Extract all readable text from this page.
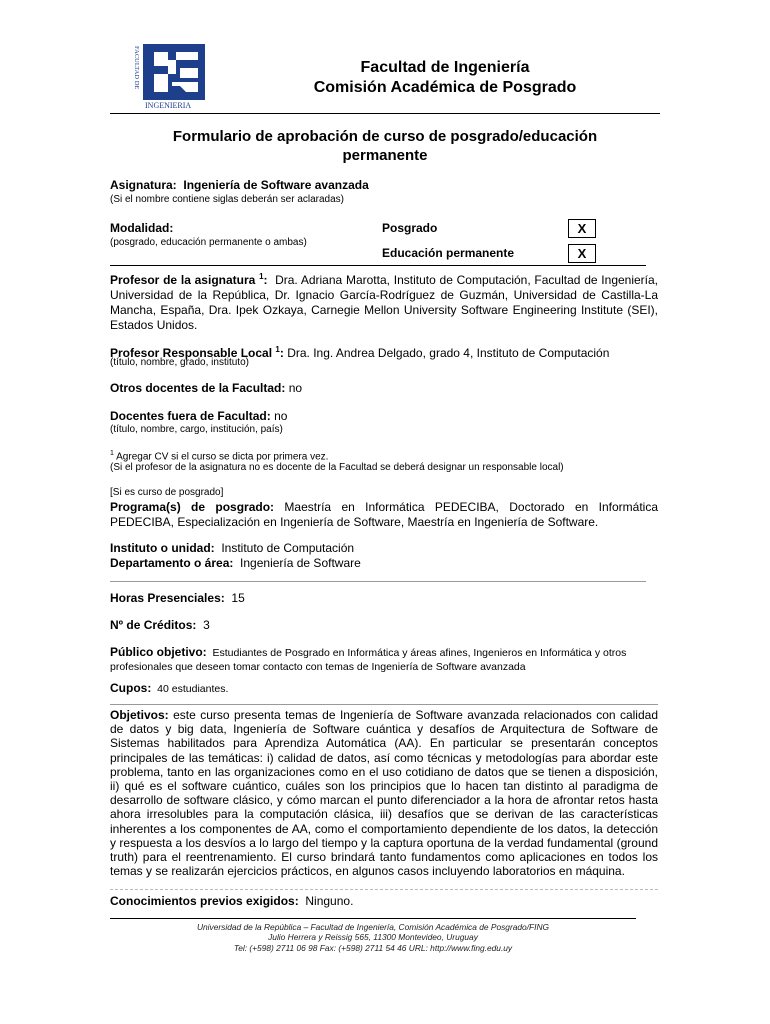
FACULTAD DE
INGENIERIA
Facultad de Ingeniería
Comisión Académica de Posgrado
Formulario de aprobación de curso de posgrado/educación permanente
Asignatura: Ingeniería de Software avanzada
(Si el nombre contiene siglas deberán ser aclaradas)
Modalidad:
(posgrado, educación permanente o ambas)
Posgrado	X
Educación permanente	X
Profesor de la asignatura $^1$: Dra. Adriana Marotta, Instituto de Computación, Facultad de Ingeniería, Universidad de la República, Dr. Ignacio García-Rodríguez de Guzmán, Universidad de Castilla-La Mancha, España, Dra. Ipek Ozkaya, Carnegie Mellon University Software Engineering Institute (SEI), Estados Unidos.
Profesor Responsable Local $^1$: Dra. Ing. Andrea Delgado, grado 4, Instituto de Computación
(título, nombre, grado, instituto)
Otros docentes de la Facultad: no
Docentes fuera de Facultad: no
(título, nombre, cargo, institución, país)
$^1$ Agregar CV si el curso se dicta por primera vez.
(Si el profesor de la asignatura no es docente de la Facultad se deberá designar un responsable local)
[Si es curso de posgrado]
Programa(s) de posgrado: Maestría en Informática PEDECIBA, Doctorado en Informática PEDECIBA, Especialización en Ingeniería de Software, Maestría en Ingeniería de Software.
Instituto o unidad: Instituto de Computación
Departamento o área: Ingeniería de Software
Horas Presenciales: 15
Nº de Créditos: 3
Público objetivo: Estudiantes de Posgrado en Informática y áreas afines, Ingenieros en Informática y otros profesionales que deseen tomar contacto con temas de Ingeniería de Software avanzada
Cupos: 40 estudiantes.
Objetivos: este curso presenta temas de Ingeniería de Software avanzada relacionados con calidad de datos y big data, Ingeniería de Software cuántica y desafíos de Arquitectura de Software de Sistemas habilitados para Aprendiza Automática (AA). En particular se presentarán conceptos principales de las temáticas: i) calidad de datos, así como técnicas y metodologías para abordar este problema, tanto en las organizaciones como en el uso cotidiano de datos que se tienen a disposición, ii) qué es el software cuántico, cuáles son los principios que lo hacen tan distinto al paradigma de desarrollo de software clásico, y cómo marcan el punto diferenciador a la hora de afrontar retos hasta ahora irresolubles para la computación clásica, iii) desafíos que se derivan de las características inherentes a los componentes de AA, como el comportamiento dependiente de los datos, la detección y respuesta a los desvíos a lo largo del tiempo y la captura oportuna de la verdad fundamental (ground truth) para el reentrenamiento. El curso brindará tanto fundamentos como aplicaciones en todos los temas y se realizarán ejercicios prácticos, en algunos casos incluyendo laboratorios en máquina.
Conocimientos previos exigidos: Ninguno.
Universidad de la República – Facultad de Ingeniería, Comisión Académica de Posgrado/FING
Julio Herrera y Reissig 565, 11300 Montevideo, Uruguay
Tel: (+598) 2711 06 98 Fax: (+598) 2711 54 46 URL: http://www.fing.edu.uy
